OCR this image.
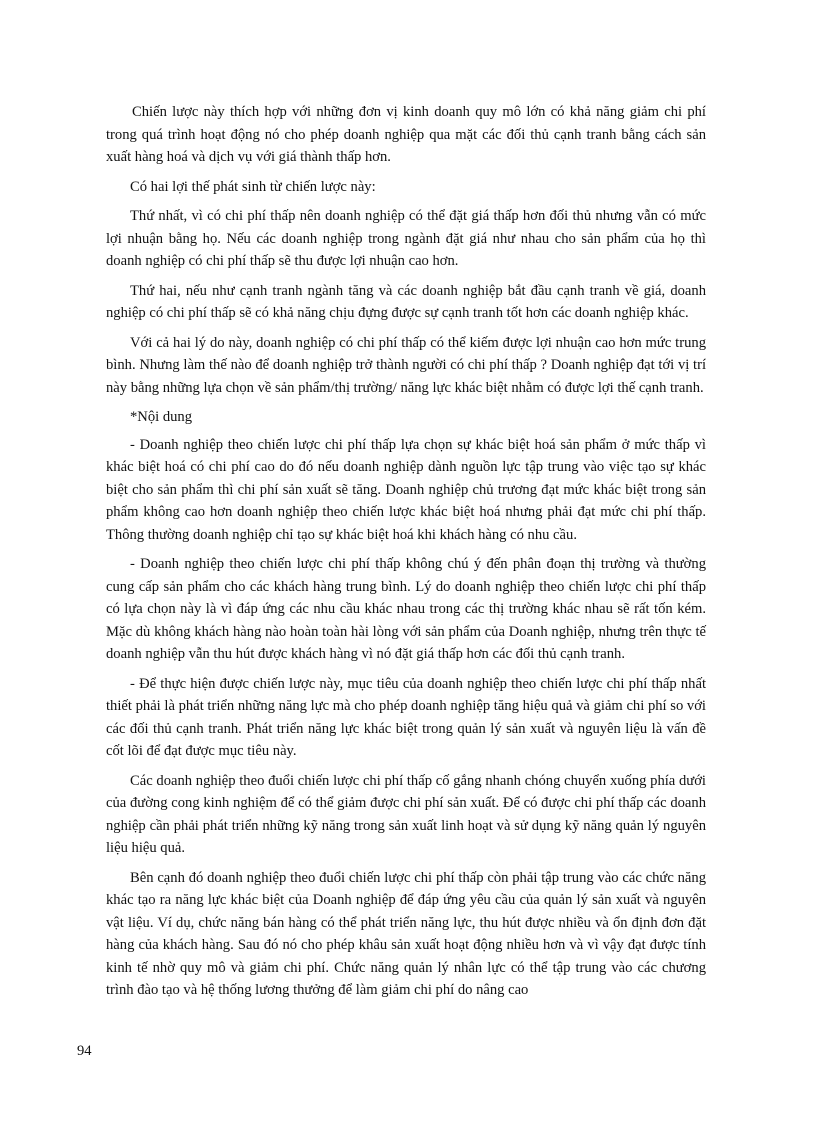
Chiến lược này thích hợp với những đơn vị kinh doanh quy mô lớn có khả năng giảm chi phí trong quá trình hoạt động nó cho phép doanh nghiệp qua mặt các đối thủ cạnh tranh bằng cách sản xuất hàng hoá và dịch vụ với giá thành thấp hơn.

Có hai lợi thế phát sinh từ chiến lược này:

Thứ nhất, vì có chi phí thấp nên doanh nghiệp có thể đặt giá thấp hơn đối thủ nhưng vẫn có mức lợi nhuận bằng họ. Nếu các doanh nghiệp trong ngành đặt giá như nhau cho sản phẩm của họ thì doanh nghiệp có chi phí thấp sẽ thu được lợi nhuận cao hơn.

Thứ hai, nếu như cạnh tranh ngành tăng và các doanh nghiệp bắt đầu cạnh tranh về giá, doanh nghiệp có chi phí thấp sẽ có khả năng chịu đựng được sự cạnh tranh tốt hơn các doanh nghiệp khác.

Với cả hai lý do này, doanh nghiệp có chi phí thấp có thể kiếm được lợi nhuận cao hơn mức trung bình. Nhưng làm thế nào để doanh nghiệp trở thành người có chi phí thấp ? Doanh nghiệp đạt tới vị trí này bằng những lựa chọn về sản phẩm/thị trường/ năng lực khác biệt nhằm có được lợi thế cạnh tranh.

*Nội dung

- Doanh nghiệp theo chiến lược chi phí thấp lựa chọn sự khác biệt hoá sản phẩm ở mức thấp vì khác biệt hoá có chi phí cao do đó nếu doanh nghiệp dành nguồn lực tập trung vào việc tạo sự khác biệt cho sản phẩm thì chi phí sản xuất sẽ tăng. Doanh nghiệp chủ trương đạt mức khác biệt trong sản phẩm không cao hơn doanh nghiệp theo chiến lược khác biệt hoá nhưng phải đạt mức chi phí thấp. Thông thường doanh nghiệp chỉ tạo sự khác biệt hoá khi khách hàng có nhu cầu.

- Doanh nghiệp theo chiến lược chi phí thấp không chú ý đến phân đoạn thị trường và thường cung cấp sản phẩm cho các khách hàng trung bình. Lý do doanh nghiệp theo chiến lược chi phí thấp có lựa chọn này là vì đáp ứng các nhu cầu khác nhau trong các thị trường khác nhau sẽ rất tốn kém. Mặc dù không khách hàng nào hoàn toàn hài lòng với sản phẩm của Doanh nghiệp, nhưng trên thực tế doanh nghiệp vẫn thu hút được khách hàng vì nó đặt giá thấp hơn các đối thủ cạnh tranh.

- Để thực hiện được chiến lược này, mục tiêu của doanh nghiệp theo chiến lược chi phí thấp nhất thiết phải là phát triển những năng lực mà cho phép doanh nghiệp tăng hiệu quả và giảm chi phí so với các đối thủ cạnh tranh. Phát triển năng lực khác biệt trong quản lý sản xuất và nguyên liệu là vấn đề cốt lõi để đạt được mục tiêu này.

Các doanh nghiệp theo đuổi chiến lược chi phí thấp cố gắng nhanh chóng chuyển xuống phía dưới của đường cong kinh nghiệm để có thể giảm được chi phí sản xuất. Để có được chi phí thấp các doanh nghiệp cần phải phát triển những kỹ năng trong sản xuất linh hoạt và sử dụng kỹ năng quản lý nguyên liệu hiệu quả.

Bên cạnh đó doanh nghiệp theo đuổi chiến lược chi phí thấp còn phải tập trung vào các chức năng khác tạo ra năng lực khác biệt của Doanh nghiệp để đáp ứng yêu cầu của quản lý sản xuất và nguyên vật liệu. Ví dụ, chức năng bán hàng có thể phát triển năng lực, thu hút được nhiều và ổn định đơn đặt hàng của khách hàng. Sau đó nó cho phép khâu sản xuất hoạt động nhiều hơn và vì vậy đạt được tính kinh tế nhờ quy mô và giảm chi phí. Chức năng quản lý nhân lực có thể tập trung vào các chương trình đào tạo và hệ thống lương thưởng để làm giảm chi phí do nâng cao

94
